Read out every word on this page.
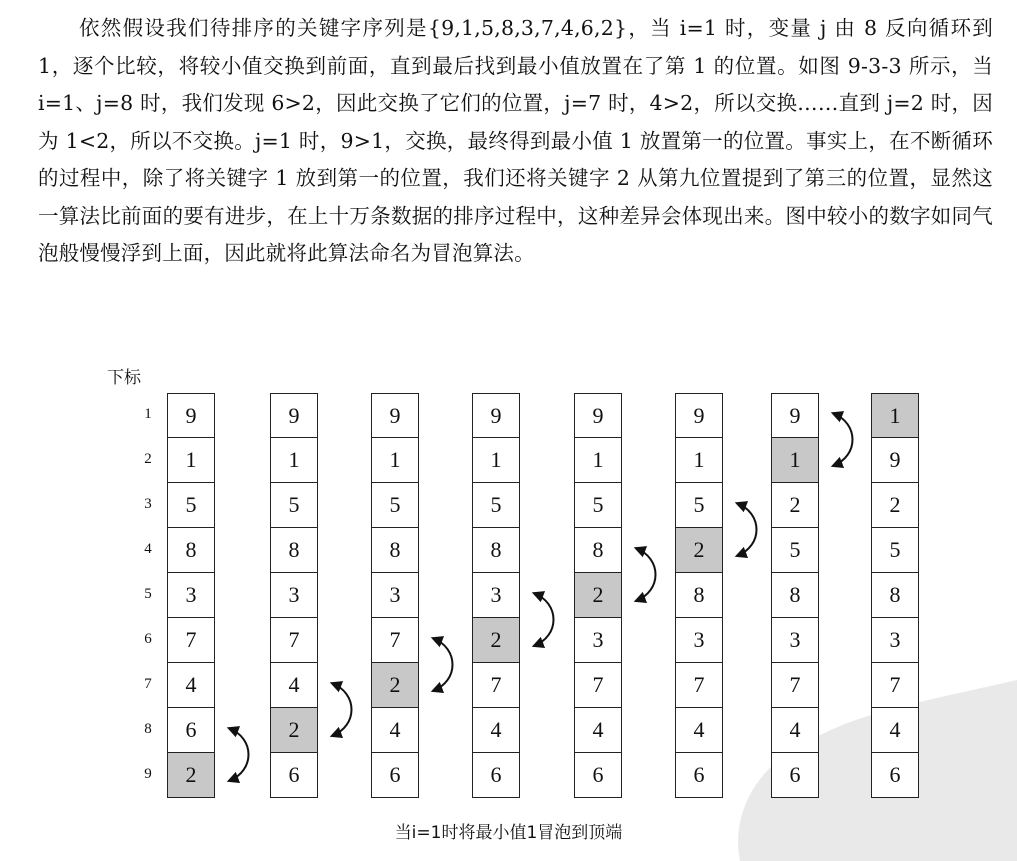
依然假设我们待排序的关键字序列是{9,1,5,8,3,7,4,6,2}，当 i=1 时，变量 j 由 8 反向循环到 1，逐个比较，将较小值交换到前面，直到最后找到最小值放置在了第 1 的位置。如图 9-3-3 所示，当 i=1、j=8 时，我们发现 6>2，因此交换了它们的位置，j=7 时，4>2，所以交换……直到 j=2 时，因为 1<2，所以不交换。j=1 时，9>1，交换，最终得到最小值 1 放置第一的位置。事实上，在不断循环的过程中，除了将关键字 1 放到第一的位置，我们还将关键字 2 从第九位置提到了第三的位置，显然这一算法比前面的要有进步，在上十万条数据的排序过程中，这种差异会体现出来。图中较小的数字如同气泡般慢慢浮到上面，因此就将此算法命名为冒泡算法。
下标
1
2
3
4
5
6
7
8
9
9
1
5
8
3
7
4
6
2
9
1
5
8
3
7
4
2
6
9
1
5
8
3
7
2
4
6
9
1
5
8
3
2
7
4
6
9
1
5
8
2
3
7
4
6
9
1
5
2
8
3
7
4
6
9
1
2
5
8
3
7
4
6
1
9
2
5
8
3
7
4
6
当i=1时将最小值1冒泡到顶端
